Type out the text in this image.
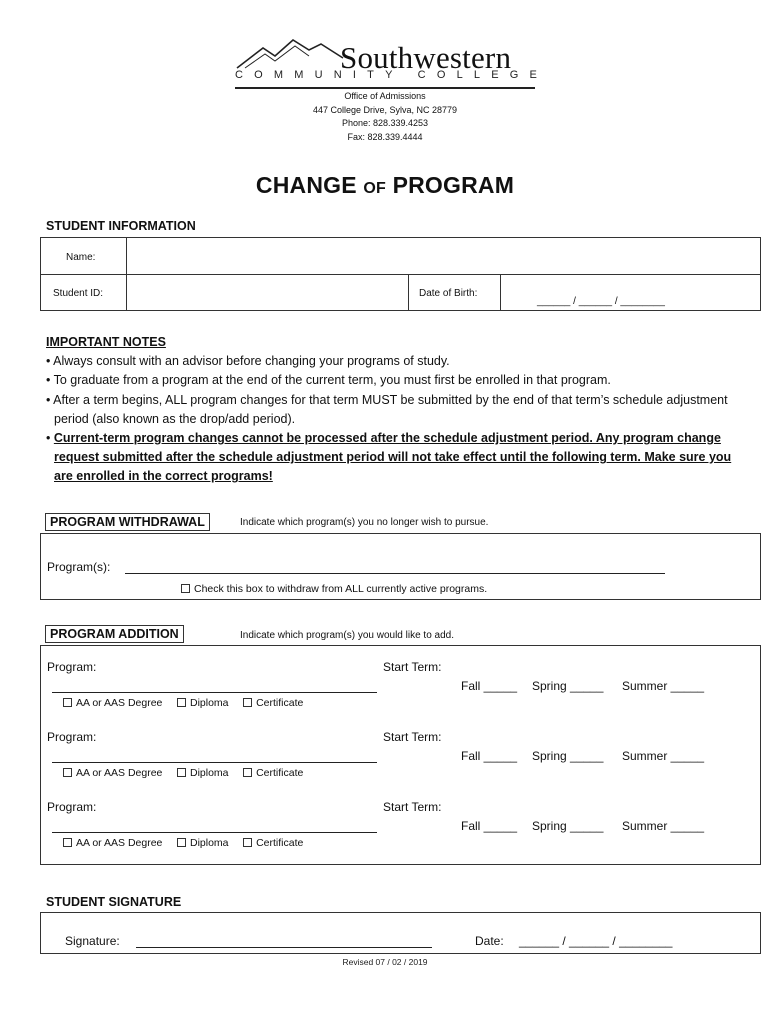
Southwestern
COMMUNITY COLLEGE
Office of Admissions
447 College Drive, Sylva, NC 28779
Phone: 828.339.4253
Fax: 828.339.4444
CHANGE OF PROGRAM
STUDENT INFORMATION
Name:
Student ID:	Date of Birth:
______ / ______ / ________
IMPORTANT NOTES
• Always consult with an advisor before changing your programs of study.
• To graduate from a program at the end of the current term, you must first be enrolled in that program.
• After a term begins, ALL program changes for that term MUST be submitted by the end of that term’s schedule adjustment period (also known as the drop/add period).
• Current-term program changes cannot be processed after the schedule adjustment period. Any program change request submitted after the schedule adjustment period will not take effect until the following term. Make sure you are enrolled in the correct programs!
PROGRAM WITHDRAWAL	Indicate which program(s) you no longer wish to pursue.
Program(s):
Check this box to withdraw from ALL currently active programs.
PROGRAM ADDITION	Indicate which program(s) you would like to add.
Program:
AA or AAS Degree	Diploma	Certificate
Start Term:
Fall _____ Spring _____ Summer _____
Program:
AA or AAS Degree	Diploma	Certificate
Start Term:
Fall _____ Spring _____ Summer _____
Program:
AA or AAS Degree	Diploma	Certificate
Start Term:
Fall _____ Spring _____ Summer _____
STUDENT SIGNATURE
Signature:	Date: ______ / ______ / ________
Revised 07 / 02 / 2019
